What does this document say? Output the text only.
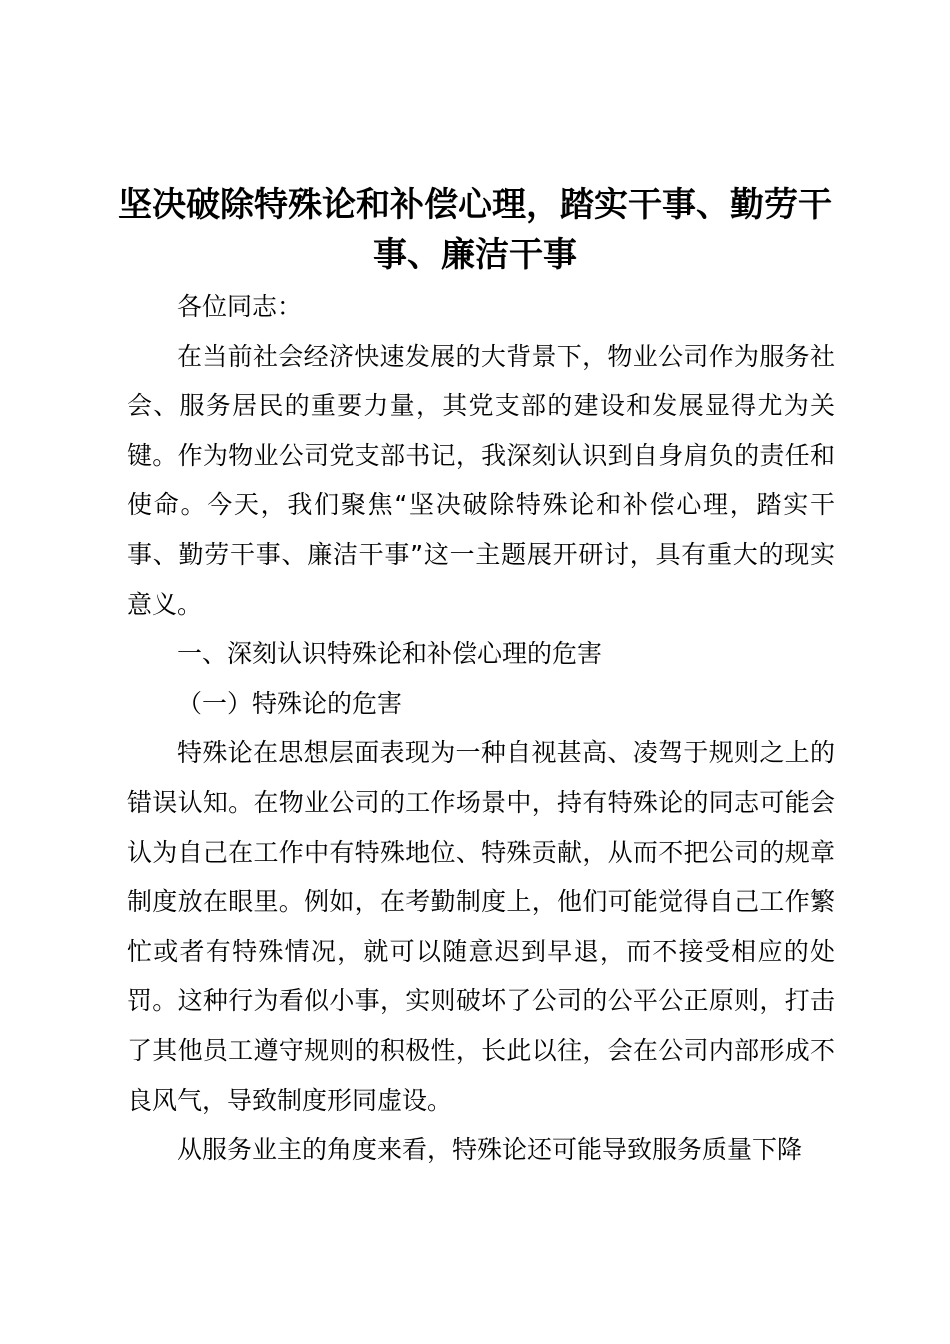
坚决破除特殊论和补偿心理，踏实干事、勤劳干事、廉洁干事

各位同志：

在当前社会经济快速发展的大背景下，物业公司作为服务社会、服务居民的重要力量，其党支部的建设和发展显得尤为关键。作为物业公司党支部书记，我深刻认识到自身肩负的责任和使命。今天，我们聚焦“坚决破除特殊论和补偿心理，踏实干事、勤劳干事、廉洁干事”这一主题展开研讨，具有重大的现实意义。

一、深刻认识特殊论和补偿心理的危害

（一）特殊论的危害

特殊论在思想层面表现为一种自视甚高、凌驾于规则之上的错误认知。在物业公司的工作场景中，持有特殊论的同志可能会认为自己在工作中有特殊地位、特殊贡献，从而不把公司的规章制度放在眼里。例如，在考勤制度上，他们可能觉得自己工作繁忙或者有特殊情况，就可以随意迟到早退，而不接受相应的处罚。这种行为看似小事，实则破坏了公司的公平公正原则，打击了其他员工遵守规则的积极性，长此以往，会在公司内部形成不良风气，导致制度形同虚设。

从服务业主的角度来看，特殊论还可能导致服务质量下降
